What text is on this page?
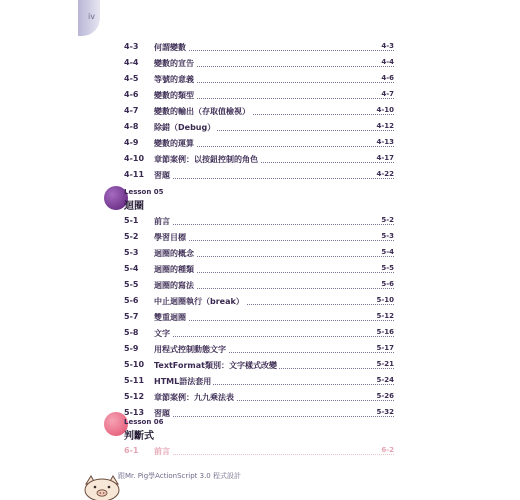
iv
4-3 何謂變數	4-3
4-4 變數的宣告	4-4
4-5 等號的意義	4-6
4-6 變數的類型	4-7
4-7 變數的輸出（存取值檢視）	4-10
4-8 除錯（Debug）	4-12
4-9 變數的運算	4-13
4-10 章節案例：以按鈕控制的角色	4-17
4-11 習題	4-22
Lesson 05
迴圈
5-1 前言	5-2
5-2 學習目標	5-3
5-3 迴圈的概念	5-4
5-4 迴圈的種類	5-5
5-5 迴圈的寫法	5-6
5-6 中止迴圈執行（break）	5-10
5-7 雙重迴圈	5-12
5-8 文字	5-16
5-9 用程式控制動態文字	5-17
5-10 TextFormat類別：文字樣式改變	5-21
5-11 HTML語法套用	5-24
5-12 章節案例：九九乘法表	5-26
5-13 習題	5-32
Lesson 06
判斷式
6-1 前言	6-2
跟Mr. Pig學ActionScript 3.0 程式設計
